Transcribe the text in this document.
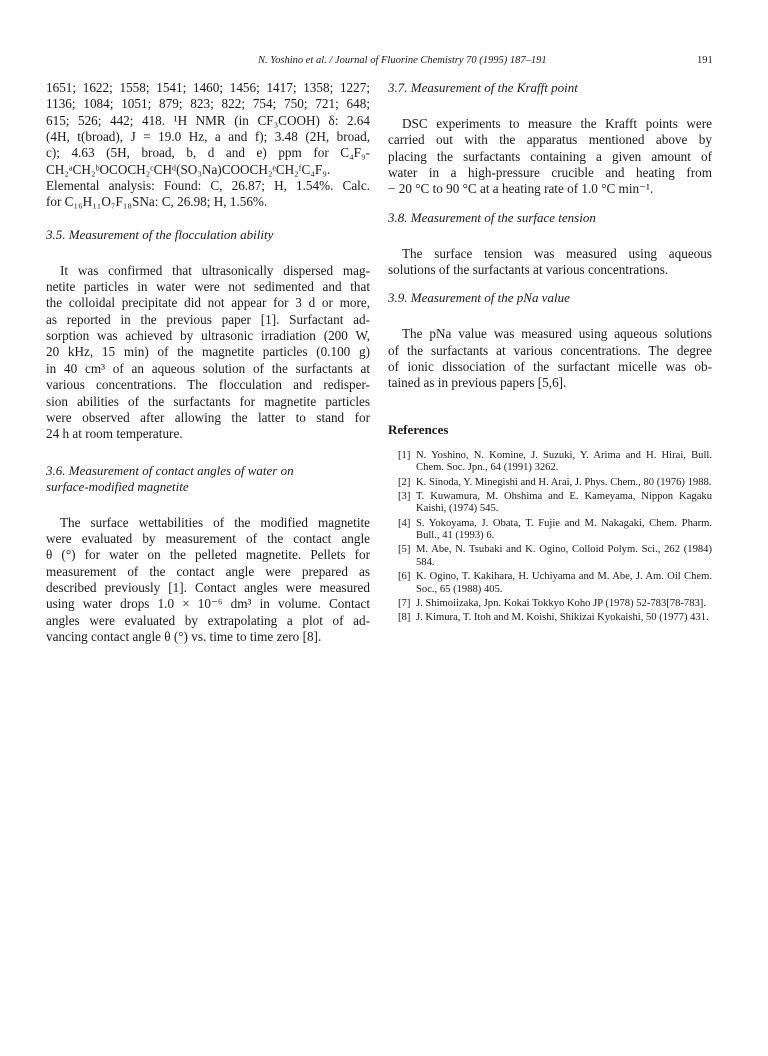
N. Yoshino et al. / Journal of Fluorine Chemistry 70 (1995) 187–191	191

1651; 1622; 1558; 1541; 1460; 1456; 1417; 1358; 1227;
1136; 1084; 1051; 879; 823; 822; 754; 750; 721; 648;
615; 526; 442; 418. ¹H NMR (in CF₃COOH) δ: 2.64
(4H, t(broad), J = 19.0 Hz, a and f); 3.48 (2H, broad,
c); 4.63 (5H, broad, b, d and e) ppm for C₄F₉-
CH₂ᵃCH₂ᵇOCOCH₂ᶜCHᵈ(SO₃Na)COOCH₂ᵉCH₂ᶠC₄F₉.
Elemental analysis: Found: C, 26.87; H, 1.54%. Calc.
for C₁₆H₁₁O₇F₁₈SNa: C, 26.98; H, 1.56%.

3.5. Measurement of the flocculation ability

It was confirmed that ultrasonically dispersed mag-
netite particles in water were not sedimented and that
the colloidal precipitate did not appear for 3 d or more,
as reported in the previous paper [1]. Surfactant ad-
sorption was achieved by ultrasonic irradiation (200 W,
20 kHz, 15 min) of the magnetite particles (0.100 g)
in 40 cm³ of an aqueous solution of the surfactants at
various concentrations. The flocculation and redisper-
sion abilities of the surfactants for magnetite particles
were observed after allowing the latter to stand for
24 h at room temperature.

3.6. Measurement of contact angles of water on
surface-modified magnetite

The surface wettabilities of the modified magnetite
were evaluated by measurement of the contact angle
θ (°) for water on the pelleted magnetite. Pellets for
measurement of the contact angle were prepared as
described previously [1]. Contact angles were measured
using water drops 1.0 × 10⁻⁶ dm³ in volume. Contact
angles were evaluated by extrapolating a plot of ad-
vancing contact angle θ (°) vs. time to time zero [8].

3.7. Measurement of the Krafft point

DSC experiments to measure the Krafft points were
carried out with the apparatus mentioned above by
placing the surfactants containing a given amount of
water in a high-pressure crucible and heating from
− 20 °C to 90 °C at a heating rate of 1.0 °C min⁻¹.

3.8. Measurement of the surface tension

The surface tension was measured using aqueous
solutions of the surfactants at various concentrations.

3.9. Measurement of the pNa value

The pNa value was measured using aqueous solutions
of the surfactants at various concentrations. The degree
of ionic dissociation of the surfactant micelle was ob-
tained as in previous papers [5,6].

References
[1] N. Yoshino, N. Komine, J. Suzuki, Y. Arima and H. Hirai, Bull. Chem. Soc. Jpn., 64 (1991) 3262.
[2] K. Sinoda, Y. Minegishi and H. Arai, J. Phys. Chem., 80 (1976) 1988.
[3] T. Kuwamura, M. Ohshima and E. Kameyama, Nippon Kagaku Kaishi, (1974) 545.
[4] S. Yokoyama, J. Obata, T. Fujie and M. Nakagaki, Chem. Pharm. Bull., 41 (1993) 6.
[5] M. Abe, N. Tsubaki and K. Ogino, Colloid Polym. Sci., 262 (1984) 584.
[6] K. Ogino, T. Kakihara, H. Uchiyama and M. Abe, J. Am. Oil Chem. Soc., 65 (1988) 405.
[7] J. Shimoiizaka, Jpn. Kokai Tokkyo Koho JP (1978) 52-783[78-783].
[8] J. Kimura, T. Itoh and M. Koishi, Shikizai Kyokaishi, 50 (1977) 431.
